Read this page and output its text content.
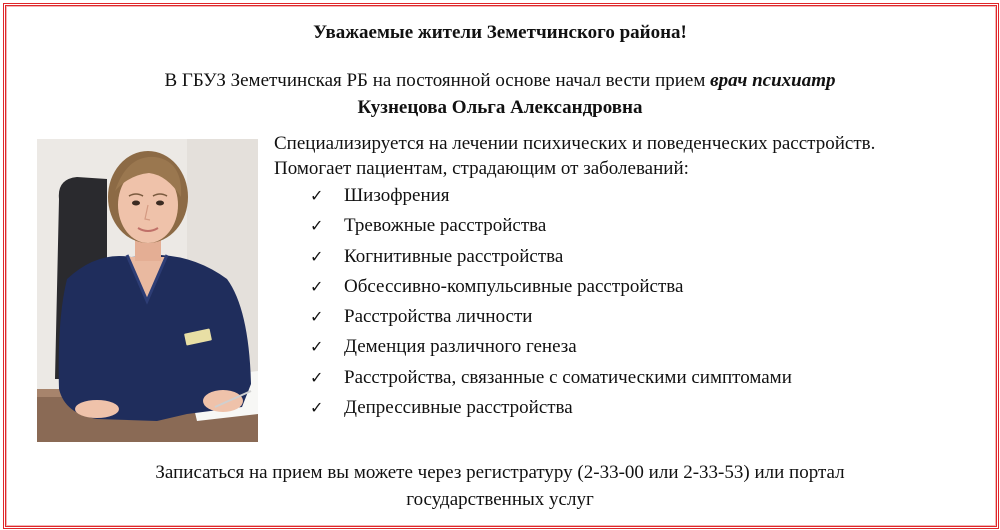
Уважаемые жители Земетчинского района!
В ГБУЗ Земетчинская РБ на постоянной основе начал вести прием врач психиатр
Кузнецова Ольга Александровна

Специализируется на лечении психических и поведенческих расстройств.

Помогает пациентам, страдающим от заболеваний:

✓ Шизофрения
✓ Тревожные расстройства
✓ Когнитивные расстройства
✓ Обсессивно-компульсивные расстройства
✓ Расстройства личности
✓ Деменция различного генеза
✓ Расстройства, связанные с соматическими симптомами
✓ Депрессивные расстройства
Записаться на прием вы можете через регистратуру (2-33-00 или 2-33-53) или портал
государственных услуг
